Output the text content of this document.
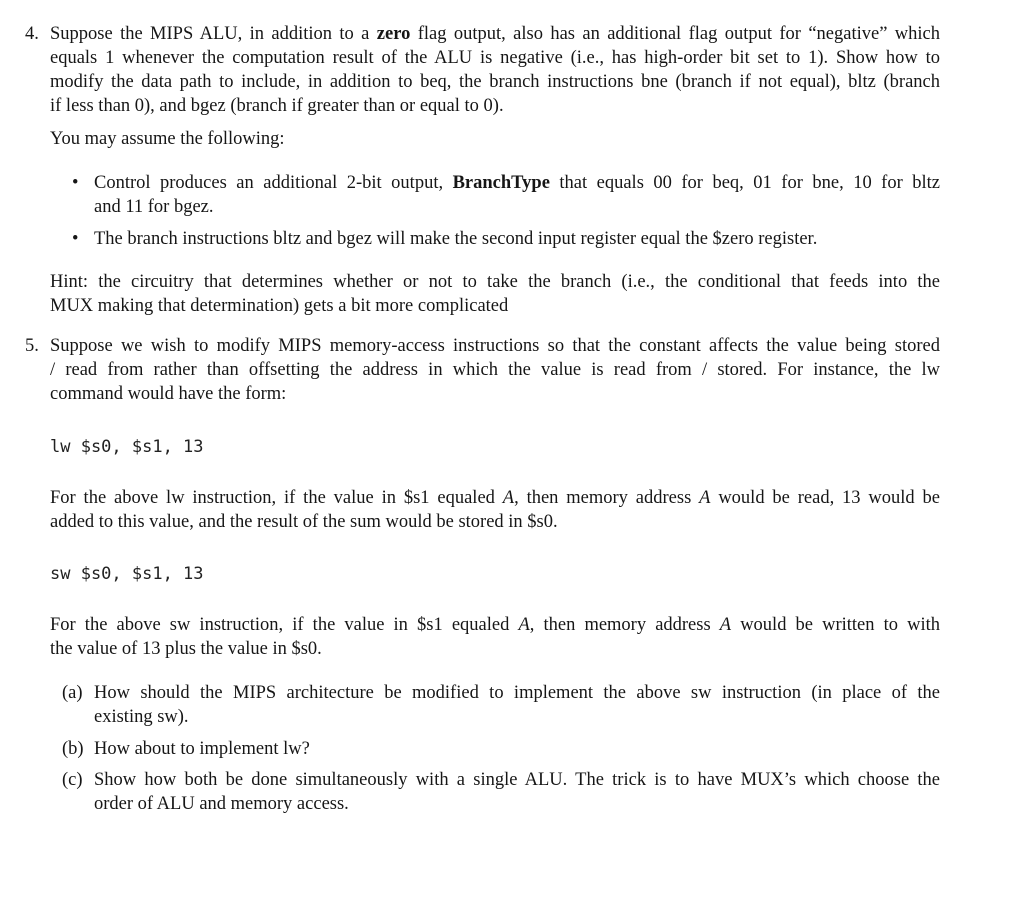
4. Suppose the MIPS ALU, in addition to a zero flag output, also has an additional flag output for “negative” which
equals 1 whenever the computation result of the ALU is negative (i.e., has high-order bit set to 1). Show how to
modify the data path to include, in addition to beq, the branch instructions bne (branch if not equal), bltz (branch
if less than 0), and bgez (branch if greater than or equal to 0).
You may assume the following:
• Control produces an additional 2-bit output, BranchType that equals 00 for beq, 01 for bne, 10 for bltz
and 11 for bgez.
• The branch instructions bltz and bgez will make the second input register equal the $zero register.
Hint: the circuitry that determines whether or not to take the branch (i.e., the conditional that feeds into the
MUX making that determination) gets a bit more complicated
5. Suppose we wish to modify MIPS memory-access instructions so that the constant affects the value being stored
/ read from rather than offsetting the address in which the value is read from / stored. For instance, the lw
command would have the form:
lw $s0, $s1, 13
For the above lw instruction, if the value in $s1 equaled A, then memory address A would be read, 13 would be
added to this value, and the result of the sum would be stored in $s0.
sw $s0, $s1, 13
For the above sw instruction, if the value in $s1 equaled A, then memory address A would be written to with
the value of 13 plus the value in $s0.
(a) How should the MIPS architecture be modified to implement the above sw instruction (in place of the
existing sw).
(b) How about to implement lw?
(c) Show how both be done simultaneously with a single ALU. The trick is to have MUX’s which choose the
order of ALU and memory access.
